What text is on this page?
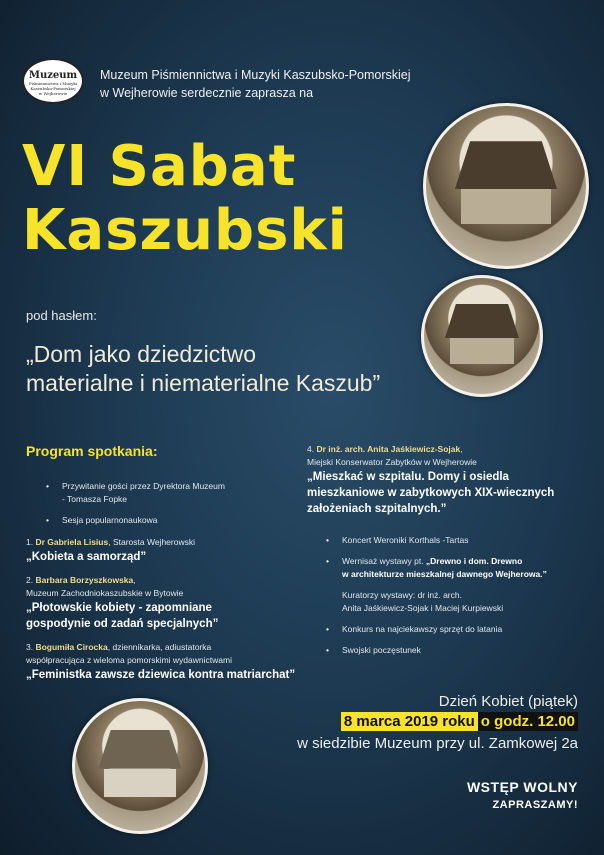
Muzeum
Piśmiennictwa i Muzyki
Kaszubsko-Pomorskiej
w Wejherowie
Muzeum Piśmiennictwa i Muzyki Kaszubsko-Pomorskiej
w Wejherowie serdecznie zaprasza na
VI Sabat
Kaszubski
pod hasłem:
„Dom jako dziedzictwo
materialne i niematerialne Kaszub”
Program spotkania:
• Przywitanie gości przez Dyrektora Muzeum
- Tomasza Fopke
• Sesja popularnonaukowa
1. Dr Gabriela Lisius, Starosta Wejherowski
„Kobieta a samorząd”
2. Barbara Borzyszkowska,
Muzeum Zachodniokaszubskie w Bytowie
„Płotowskie kobiety - zapomniane
gospodynie od zadań specjalnych”
3. Bogumiła Cirocka, dziennikarka, adiustatorka
współpracująca z wieloma pomorskimi wydawnictwami
„Feministka zawsze dziewica kontra matriarchat”
4. Dr inż. arch. Anita Jaśkiewicz-Sojak,
Miejski Konserwator Zabytków w Wejherowie
„Mieszkać w szpitalu. Domy i osiedla
mieszkaniowe w zabytkowych XIX-wiecznych
założeniach szpitalnych.”
• Koncert Weroniki Korthals -Tartas
• Wernisaż wystawy pt. „Drewno i dom. Drewno
w architekturze mieszkalnej dawnego Wejherowa.”
Kuratorzy wystawy: dr inż. arch.
Anita Jaśkiewicz-Sojak i Maciej Kurpiewski
• Konkurs na najciekawszy sprzęt do latania
• Swojski poczęstunek
Dzień Kobiet (piątek)
8 marca 2019 roku o godz. 12.00
w siedzibie Muzeum przy ul. Zamkowej 2a
WSTĘP WOLNY
ZAPRASZAMY!
